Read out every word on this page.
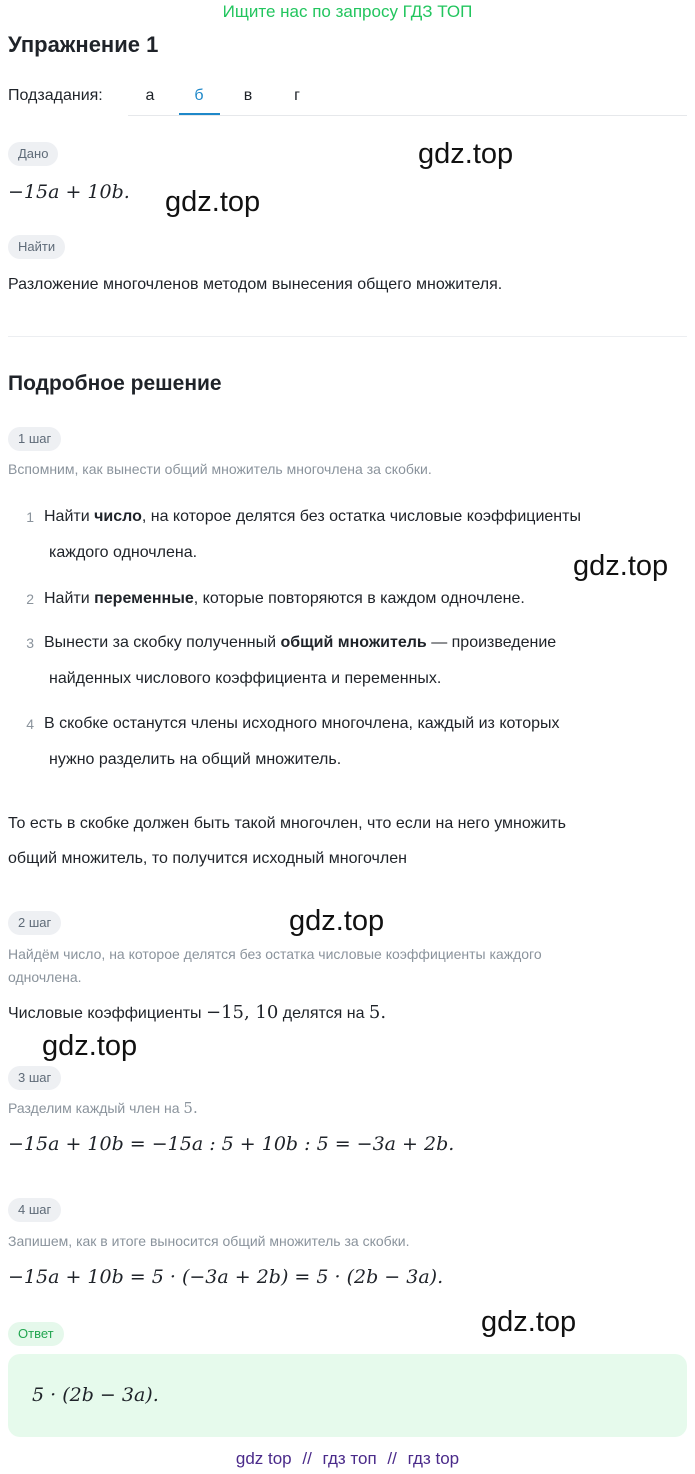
Ищите нас по запросу ГДЗ ТОП
Упражнение 1
Подзадания:	а	б	в	г
Дано
−15a + 10b.
Найти
Разложение многочленов методом вынесения общего множителя.
Подробное решение
1 шаг
Вспомним, как вынести общий множитель многочлена за скобки.
1 Найти число, на которое делятся без остатка числовые коэффициенты
каждого одночлена.
2 Найти переменные, которые повторяются в каждом одночлене.
3 Вынести за скобку полученный общий множитель — произведение
найденных числового коэффициента и переменных.
4 В скобке останутся члены исходного многочлена, каждый из которых
нужно разделить на общий множитель.
То есть в скобке должен быть такой многочлен, что если на него умножить
общий множитель, то получится исходный многочлен
2 шаг
Найдём число, на которое делятся без остатка числовые коэффициенты каждого
одночлена.
Числовые коэффициенты −15, 10 делятся на 5.
3 шаг
Разделим каждый член на 5.
−15a + 10b = −15a : 5 + 10b : 5 = −3a + 2b.
4 шаг
Запишем, как в итоге выносится общий множитель за скобки.
−15a + 10b = 5 · (−3a + 2b) = 5 · (2b − 3a).
Ответ
5 · (2b − 3a).
gdz.top
gdz.top
gdz.top
gdz.top
gdz.top
gdz.top
gdz top // гдз топ // гдз top
